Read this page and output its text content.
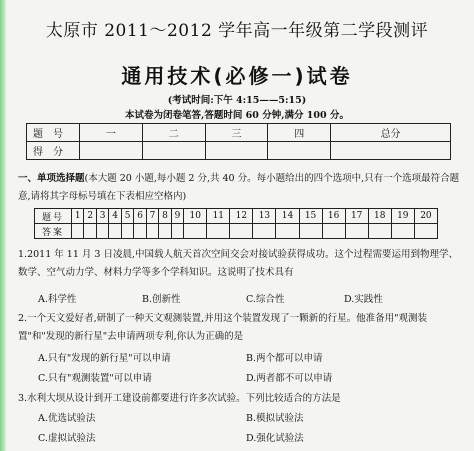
太原市 2011～2012 学年高一年级第二学段测评
通用技术(必修一)试卷
(考试时间:下午 4:15——5:15)
本试卷为闭卷笔答,答题时间 60 分钟,满分 100 分。
题号	一	二	三	四	总分
得分					
一、单项选择题(本大题 20 小题,每小题 2 分,共 40 分。每小题给出的四个选项中,只有一个选项最符合题意,请将其字母标号填在下表相应空格内)
题号	1	2	3	4	5	6	7	8	9	10	11	12	13	14	15	16	17	18	19	20
答案																				
1.2011 年 11 月 3 日凌晨,中国载人航天首次空间交会对接试验获得成功。这个过程需要运用到物理学、数学、空气动力学、材料力学等多个学科知识。这说明了技术具有
A.科学性	B.创新性	C.综合性	D.实践性
2.一个天文爱好者,研制了一种天文观测装置,并用这个装置发现了一颗新的行星。他准备用"观测装置"和"发现的新行星"去申请两项专利,你认为正确的是
A.只有"发现的新行星"可以申请	B.两个都可以申请
C.只有"观测装置"可以申请	D.两者都不可以申请
3.水利大坝从设计到开工建设前都要进行许多次试验。下列比较适合的方法是
A.优选试验法	B.模拟试验法
C.虚拟试验法	D.强化试验法
